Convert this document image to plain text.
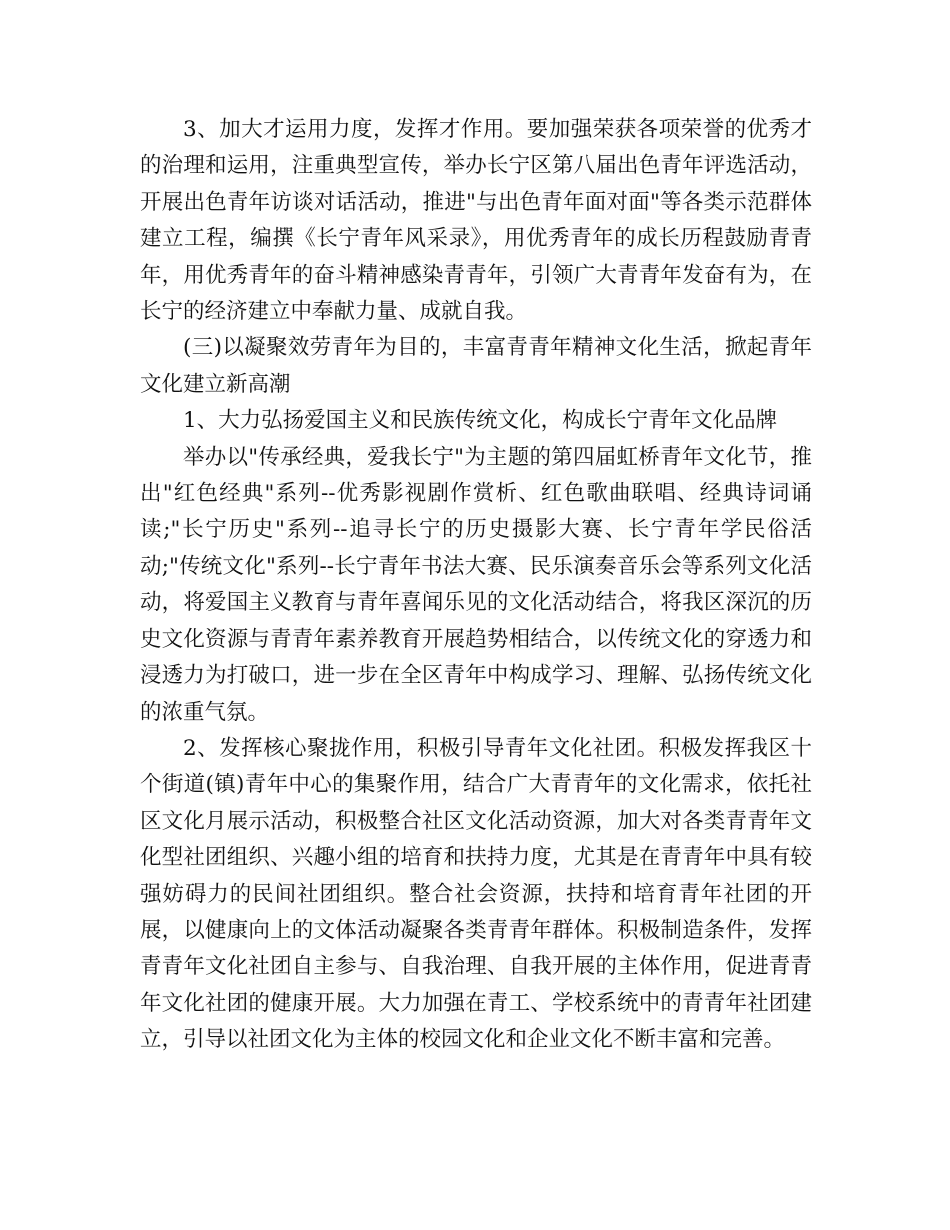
3、加大才运用力度，发挥才作用。要加强荣获各项荣誉的优秀才的治理和运用，注重典型宣传，举办长宁区第八届出色青年评选活动，开展出色青年访谈对话活动，推进"与出色青年面对面"等各类示范群体建立工程，编撰《长宁青年风采录》，用优秀青年的成长历程鼓励青青年，用优秀青年的奋斗精神感染青青年，引领广大青青年发奋有为，在长宁的经济建立中奉献力量、成就自我。

(三)以凝聚效劳青年为目的，丰富青青年精神文化生活，掀起青年文化建立新高潮

1、大力弘扬爱国主义和民族传统文化，构成长宁青年文化品牌

举办以"传承经典，爱我长宁"为主题的第四届虹桥青年文化节，推出"红色经典"系列--优秀影视剧作赏析、红色歌曲联唱、经典诗词诵读;"长宁历史"系列--追寻长宁的历史摄影大赛、长宁青年学民俗活动;"传统文化"系列--长宁青年书法大赛、民乐演奏音乐会等系列文化活动，将爱国主义教育与青年喜闻乐见的文化活动结合，将我区深沉的历史文化资源与青青年素养教育开展趋势相结合，以传统文化的穿透力和浸透力为打破口，进一步在全区青年中构成学习、理解、弘扬传统文化的浓重气氛。

2、发挥核心聚拢作用，积极引导青年文化社团。积极发挥我区十个街道(镇)青年中心的集聚作用，结合广大青青年的文化需求，依托社区文化月展示活动，积极整合社区文化活动资源，加大对各类青青年文化型社团组织、兴趣小组的培育和扶持力度，尤其是在青青年中具有较强妨碍力的民间社团组织。整合社会资源，扶持和培育青年社团的开展，以健康向上的文体活动凝聚各类青青年群体。积极制造条件，发挥青青年文化社团自主参与、自我治理、自我开展的主体作用，促进青青年文化社团的健康开展。大力加强在青工、学校系统中的青青年社团建立，引导以社团文化为主体的校园文化和企业文化不断丰富和完善。
